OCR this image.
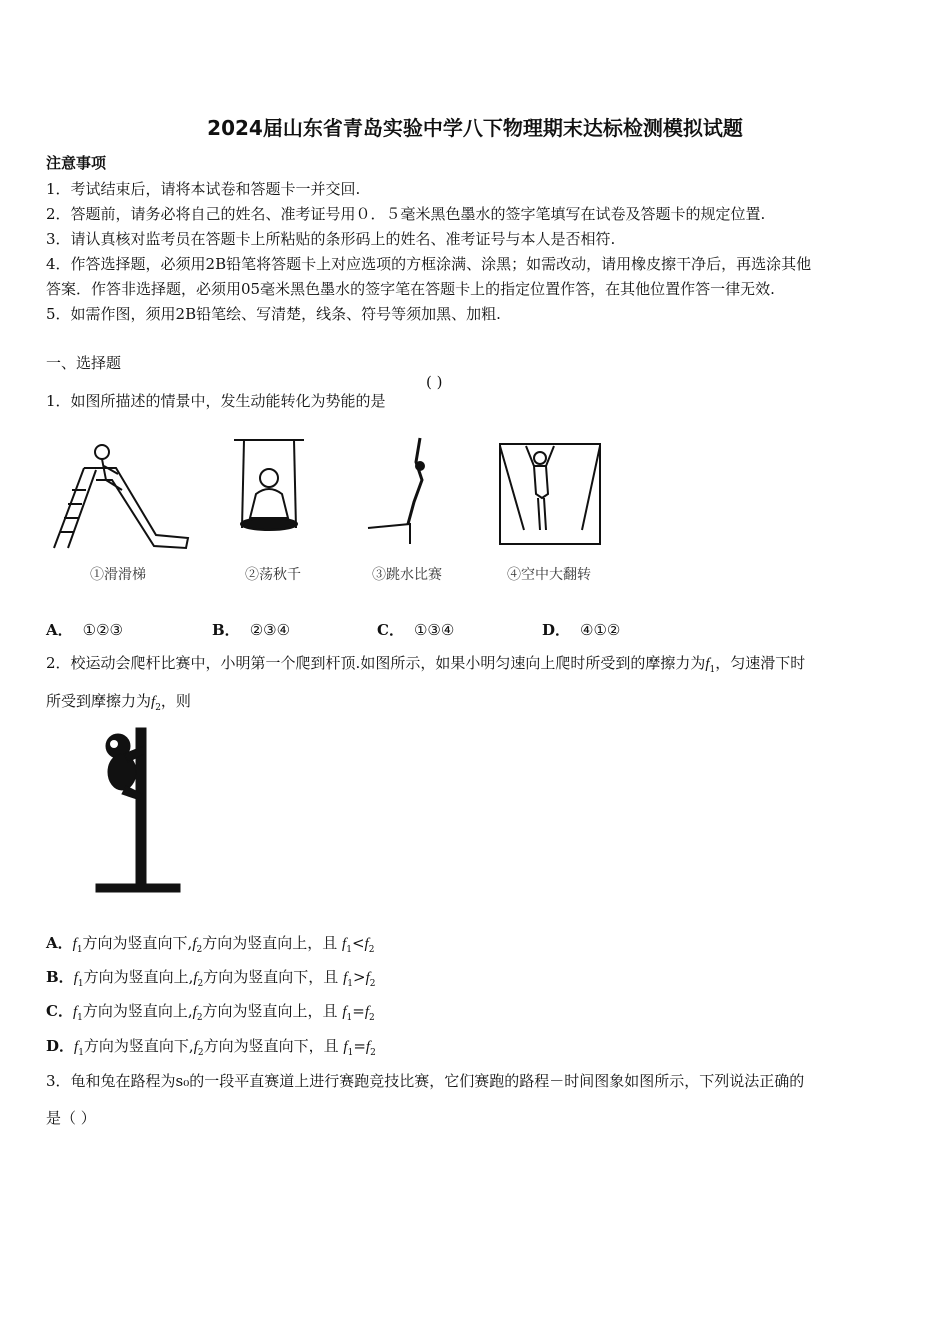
2024届山东省青岛实验中学八下物理期末达标检测模拟试题
注意事项
1．考试结束后，请将本试卷和答题卡一并交回.
2．答题前，请务必将自己的姓名、准考证号用０．５毫米黑色墨水的签字笔填写在试卷及答题卡的规定位置.
3．请认真核对监考员在答题卡上所粘贴的条形码上的姓名、准考证号与本人是否相符.
4．作答选择题，必须用2B铅笔将答题卡上对应选项的方框涂满、涂黑；如需改动，请用橡皮擦干净后，再选涂其他
答案．作答非选择题，必须用05毫米黑色墨水的签字笔在答题卡上的指定位置作答，在其他位置作答一律无效.
5．如需作图，须用2B铅笔绘、写清楚，线条、符号等须加黑、加粗.
一、选择题
1．如图所描述的情景中，发生动能转化为势能的是
( )
①滑滑梯	②荡秋千	③跳水比赛	④空中大翻转
A． ①②③	B． ②③④	C． ①③④	D． ④①②
2．校运动会爬杆比赛中，小明第一个爬到杆顶.如图所示，如果小明匀速向上爬时所受到的摩擦力为$f_1$，匀速滑下时
所受到摩擦力为$f_2$，则
A．$f_1$方向为竖直向下$,f_2$方向为竖直向上，且 $f_1<f_2$
B．$f_1$方向为竖直向上$,f_2$方向为竖直向下，且 $f_1>f_2$
C．$f_1$方向为竖直向上$,f_2$方向为竖直向上，且 $f_1=f_2$
D．$f_1$方向为竖直向下$,f_2$方向为竖直向下，且 $f_1=f_2$
3．龟和兔在路程为s₀的一段平直赛道上进行赛跑竞技比赛，它们赛跑的路程－时间图象如图所示，下列说法正确的
是（ ）
